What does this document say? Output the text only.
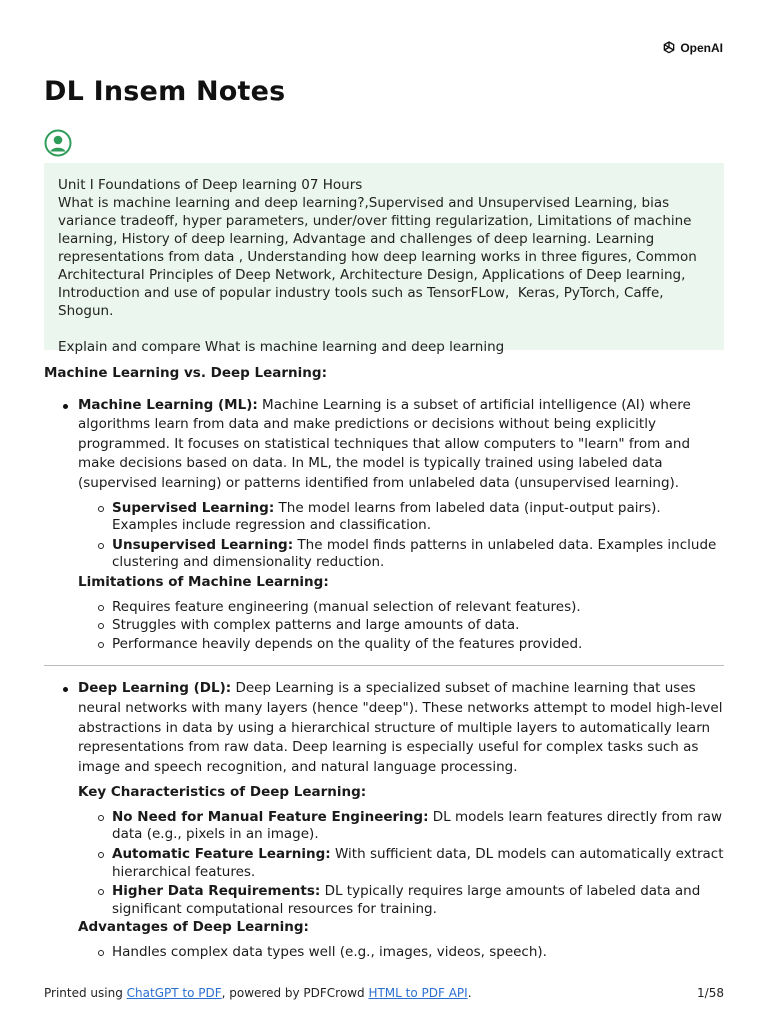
OpenAI
DL Insem Notes

Unit I Foundations of Deep learning 07 Hours
What is machine learning and deep learning?,Supervised and Unsupervised Learning, bias variance tradeoff, hyper parameters, under/over fitting regularization, Limitations of machine learning, History of deep learning, Advantage and challenges of deep learning. Learning representations from data , Understanding how deep learning works in three figures, Common Architectural Principles of Deep Network, Architecture Design, Applications of Deep learning, Introduction and use of popular industry tools such as TensorFLow,  Keras, PyTorch, Caffe, Shogun.

Explain and compare What is machine learning and deep learning

Machine Learning vs. Deep Learning:

Machine Learning (ML): Machine Learning is a subset of artificial intelligence (AI) where algorithms learn from data and make predictions or decisions without being explicitly programmed. It focuses on statistical techniques that allow computers to "learn" from and make decisions based on data. In ML, the model is typically trained using labeled data (supervised learning) or patterns identified from unlabeled data (unsupervised learning).
Supervised Learning: The model learns from labeled data (input-output pairs). Examples include regression and classification.
Unsupervised Learning: The model finds patterns in unlabeled data. Examples include clustering and dimensionality reduction.

Limitations of Machine Learning:

Requires feature engineering (manual selection of relevant features).
Struggles with complex patterns and large amounts of data.
Performance heavily depends on the quality of the features provided.
Deep Learning (DL): Deep Learning is a specialized subset of machine learning that uses neural networks with many layers (hence "deep"). These networks attempt to model high-level abstractions in data by using a hierarchical structure of multiple layers to automatically learn representations from raw data. Deep learning is especially useful for complex tasks such as image and speech recognition, and natural language processing.

Key Characteristics of Deep Learning:

No Need for Manual Feature Engineering: DL models learn features directly from raw data (e.g., pixels in an image).
Automatic Feature Learning: With sufficient data, DL models can automatically extract hierarchical features.
Higher Data Requirements: DL typically requires large amounts of labeled data and significant computational resources for training.

Advantages of Deep Learning:

Handles complex data types well (e.g., images, videos, speech).
Printed using ChatGPT to PDF, powered by PDFCrowd HTML to PDF API.	1/58
